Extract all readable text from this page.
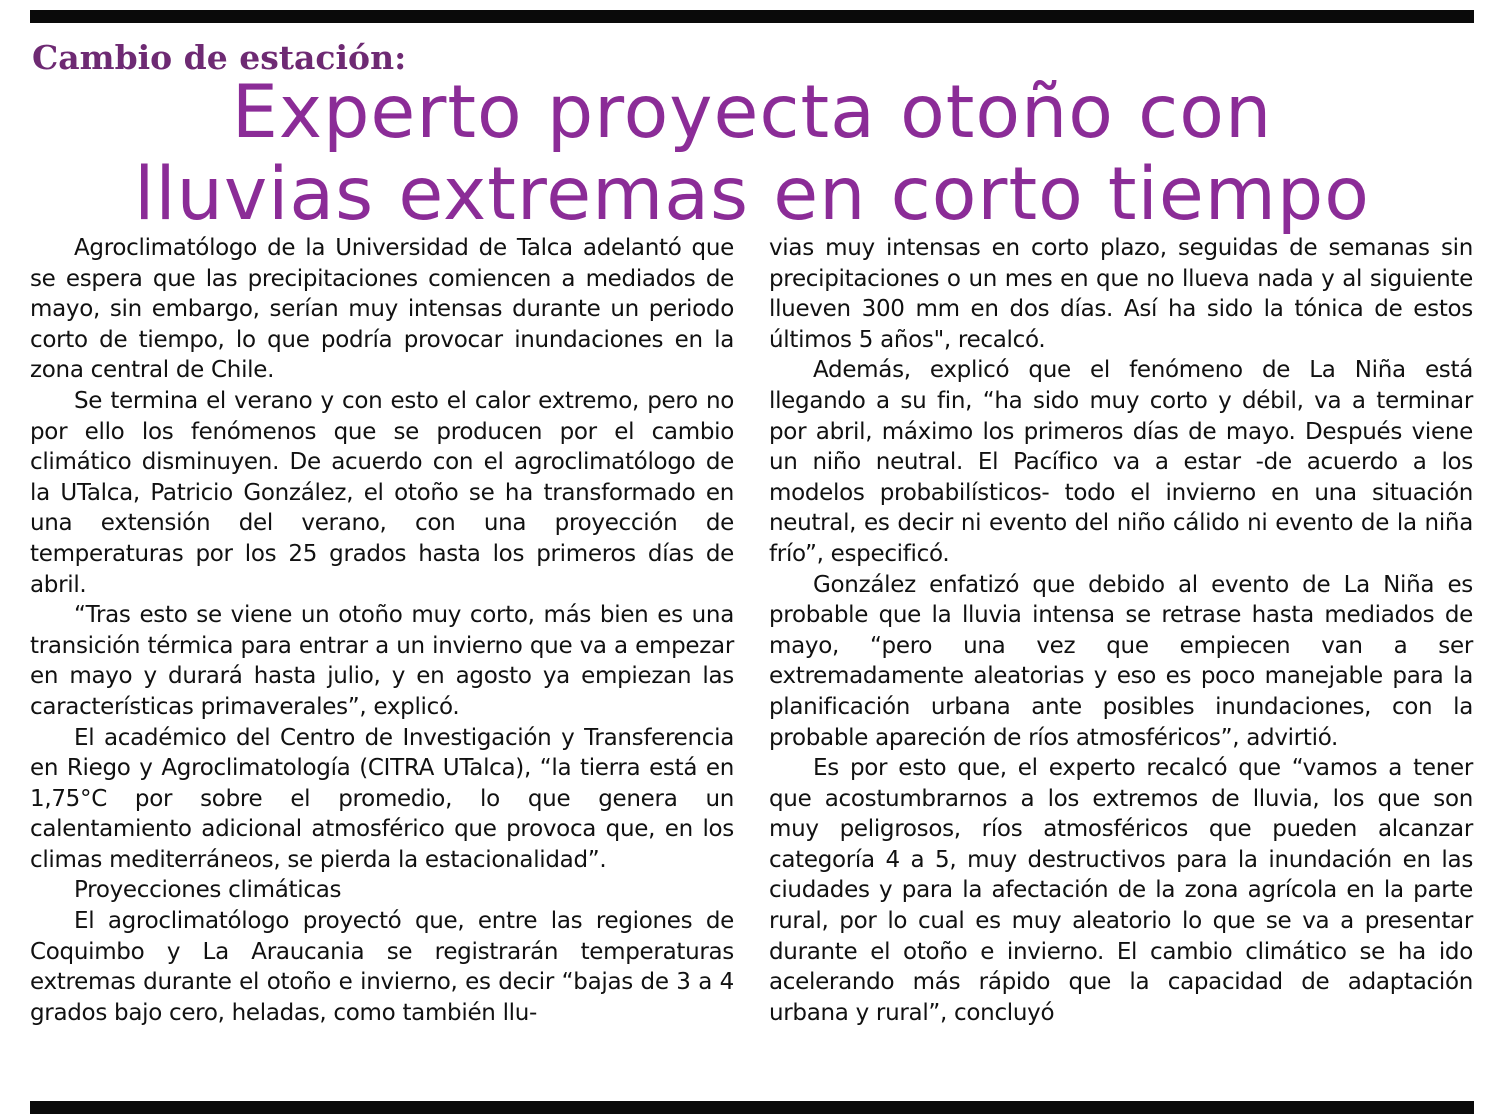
Cambio de estación:
Experto proyecta otoño con
lluvias extremas en corto tiempo

Agroclimatólogo de la Universidad de Talca adelantó que se espera que las precipitaciones comiencen a mediados de mayo, sin embargo, serían muy intensas durante un periodo corto de tiempo, lo que podría provocar inundaciones en la zona central de Chile.

Se termina el verano y con esto el calor extremo, pero no por ello los fenómenos que se producen por el cambio climático disminuyen. De acuerdo con el agroclimatólogo de la UTalca, Patricio González, el otoño se ha transformado en una extensión del verano, con una proyección de temperaturas por los 25 grados hasta los primeros días de abril.

“Tras esto se viene un otoño muy corto, más bien es una transición térmica para entrar a un invierno que va a empezar en mayo y durará hasta julio, y en agosto ya empiezan las características primaverales”, explicó.

El académico del Centro de Investigación y Transferencia en Riego y Agroclimatología (CITRA UTalca), “la tierra está en 1,75°C por sobre el promedio, lo que genera un calentamiento adicional atmosférico que provoca que, en los climas mediterráneos, se pierda la estacionalidad”.

Proyecciones climáticas

El agroclimatólogo proyectó que, entre las regiones de Coquimbo y La Araucania se registrarán temperaturas extremas durante el otoño e invierno, es decir “bajas de 3 a 4 grados bajo cero, heladas, como también llu-

vias muy intensas en corto plazo, seguidas de semanas sin precipitaciones o un mes en que no llueva nada y al siguiente llueven 300 mm en dos días. Así ha sido la tónica de estos últimos 5 años", recalcó.

Además, explicó que el fenómeno de La Niña está llegando a su fin, “ha sido muy corto y débil, va a terminar por abril, máximo los primeros días de mayo. Después viene un niño neutral. El Pacífico va a estar -de acuerdo a los modelos probabilísticos- todo el invierno en una situación neutral, es decir ni evento del niño cálido ni evento de la niña frío”, especificó.

González enfatizó que debido al evento de La Niña es probable que la lluvia intensa se retrase hasta mediados de mayo, “pero una vez que empiecen van a ser extremadamente aleatorias y eso es poco manejable para la planificación urbana ante posibles inundaciones, con la probable apareción de ríos atmosféricos”, advirtió.

Es por esto que, el experto recalcó que “vamos a tener que acostumbrarnos a los extremos de lluvia, los que son muy peligrosos, ríos atmosféricos que pueden alcanzar categoría 4 a 5, muy destructivos para la inundación en las ciudades y para la afectación de la zona agrícola en la parte rural, por lo cual es muy aleatorio lo que se va a presentar durante el otoño e invierno. El cambio climático se ha ido acelerando más rápido que la capacidad de adaptación urbana y rural”, concluyó
